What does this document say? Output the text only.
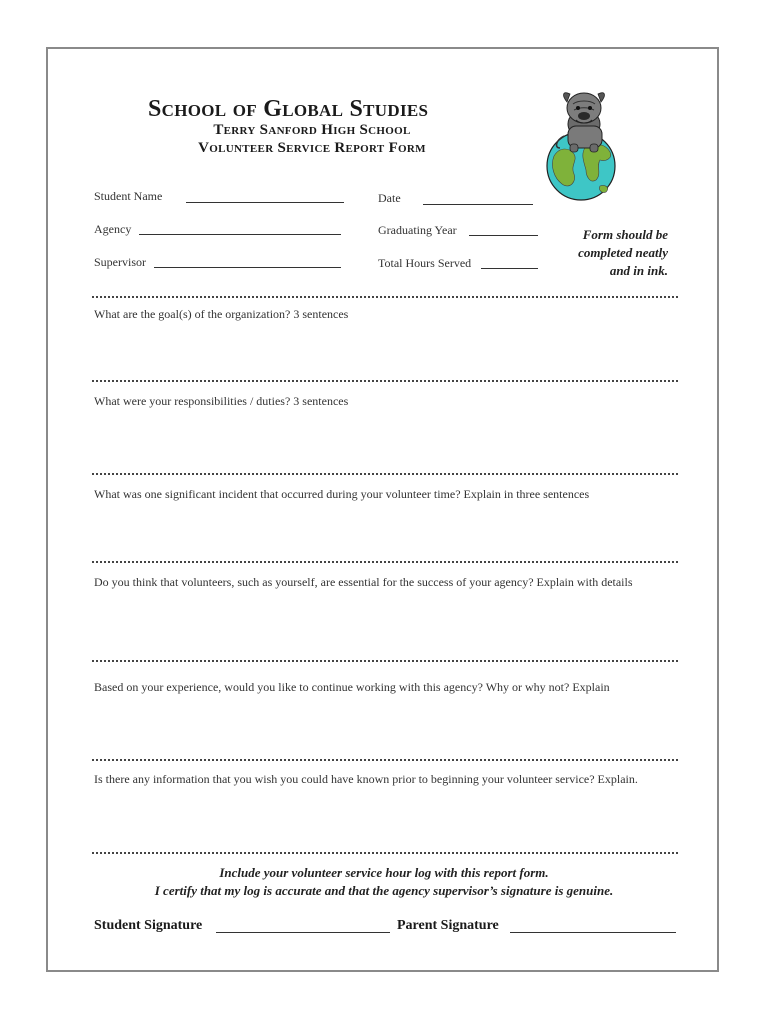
School of Global Studies
Terry Sanford High School
Volunteer Service Report Form
Student Name	Date
Agency	Graduating Year
Supervisor	Total Hours Served
Form should be
completed neatly
and in ink.
What are the goal(s) of the organization? 3 sentences
What were your responsibilities / duties? 3 sentences
What was one significant incident that occurred during your volunteer time? Explain in three sentences
Do you think that volunteers, such as yourself, are essential for the success of your agency? Explain with details
Based on your experience, would you like to continue working with this agency? Why or why not? Explain
Is there any information that you wish you could have known prior to beginning your volunteer service? Explain.
Include your volunteer service hour log with this report form.
I certify that my log is accurate and that the agency supervisor’s signature is genuine.
Student Signature	Parent Signature
